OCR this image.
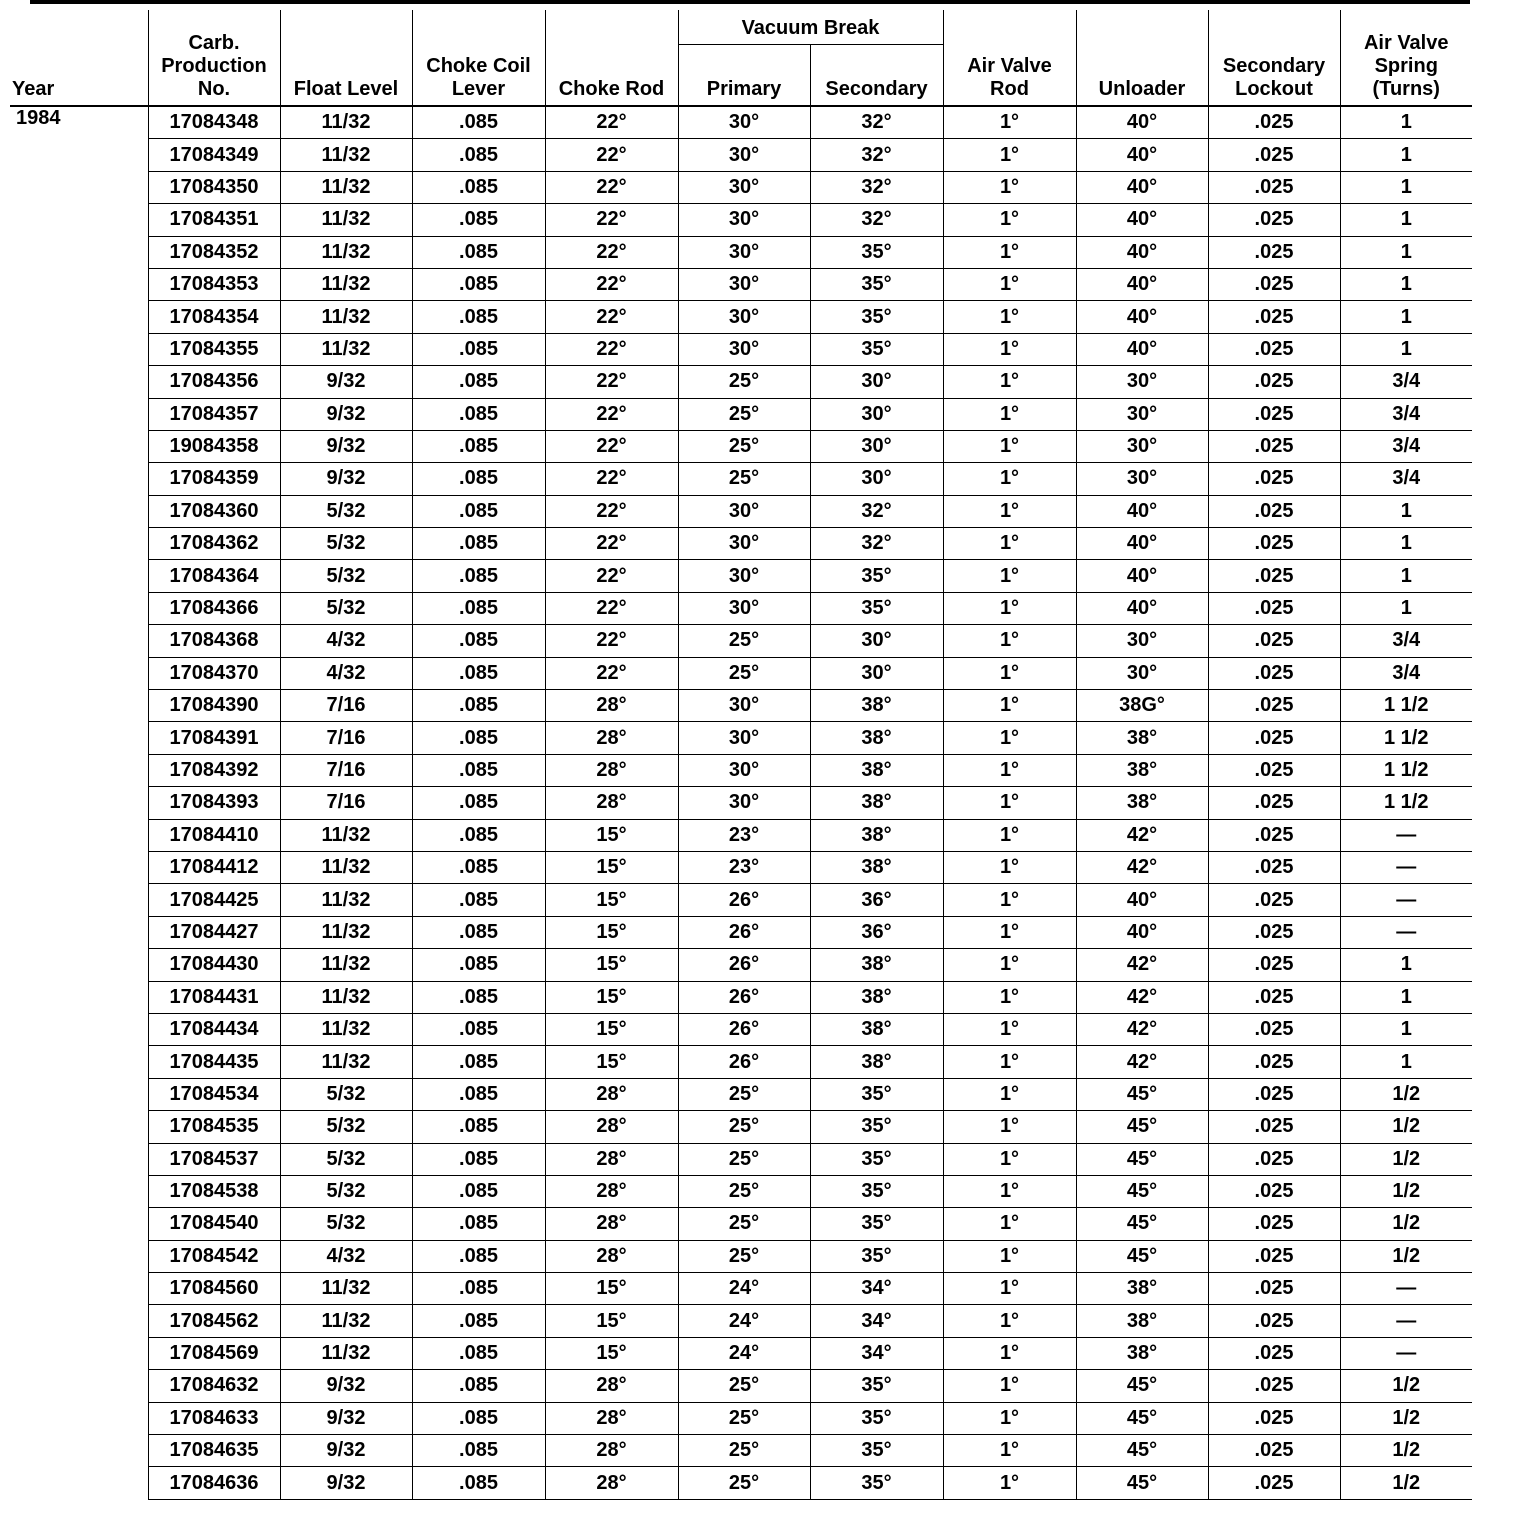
Year	Carb. Production No.	Float Level	Choke Coil Lever	Choke Rod	Vacuum Break		Air Valve Rod	Unloader	Secondary Lockout	Air Valve Spring (Turns)
					Primary	Secondary				
1984	17084348	11/32	.085	22°	30°	32°	1°	40°	.025	1
	17084349	11/32	.085	22°	30°	32°	1°	40°	.025	1
	17084350	11/32	.085	22°	30°	32°	1°	40°	.025	1
	17084351	11/32	.085	22°	30°	32°	1°	40°	.025	1
	17084352	11/32	.085	22°	30°	35°	1°	40°	.025	1
	17084353	11/32	.085	22°	30°	35°	1°	40°	.025	1
	17084354	11/32	.085	22°	30°	35°	1°	40°	.025	1
	17084355	11/32	.085	22°	30°	35°	1°	40°	.025	1
	17084356	9/32	.085	22°	25°	30°	1°	30°	.025	3/4
	17084357	9/32	.085	22°	25°	30°	1°	30°	.025	3/4
	19084358	9/32	.085	22°	25°	30°	1°	30°	.025	3/4
	17084359	9/32	.085	22°	25°	30°	1°	30°	.025	3/4
	17084360	5/32	.085	22°	30°	32°	1°	40°	.025	1
	17084362	5/32	.085	22°	30°	32°	1°	40°	.025	1
	17084364	5/32	.085	22°	30°	35°	1°	40°	.025	1
	17084366	5/32	.085	22°	30°	35°	1°	40°	.025	1
	17084368	4/32	.085	22°	25°	30°	1°	30°	.025	3/4
	17084370	4/32	.085	22°	25°	30°	1°	30°	.025	3/4
	17084390	7/16	.085	28°	30°	38°	1°	38G°	.025	1 1/2
	17084391	7/16	.085	28°	30°	38°	1°	38°	.025	1 1/2
	17084392	7/16	.085	28°	30°	38°	1°	38°	.025	1 1/2
	17084393	7/16	.085	28°	30°	38°	1°	38°	.025	1 1/2
	17084410	11/32	.085	15°	23°	38°	1°	42°	.025	—
	17084412	11/32	.085	15°	23°	38°	1°	42°	.025	—
	17084425	11/32	.085	15°	26°	36°	1°	40°	.025	—
	17084427	11/32	.085	15°	26°	36°	1°	40°	.025	—
	17084430	11/32	.085	15°	26°	38°	1°	42°	.025	1
	17084431	11/32	.085	15°	26°	38°	1°	42°	.025	1
	17084434	11/32	.085	15°	26°	38°	1°	42°	.025	1
	17084435	11/32	.085	15°	26°	38°	1°	42°	.025	1
	17084534	5/32	.085	28°	25°	35°	1°	45°	.025	1/2
	17084535	5/32	.085	28°	25°	35°	1°	45°	.025	1/2
	17084537	5/32	.085	28°	25°	35°	1°	45°	.025	1/2
	17084538	5/32	.085	28°	25°	35°	1°	45°	.025	1/2
	17084540	5/32	.085	28°	25°	35°	1°	45°	.025	1/2
	17084542	4/32	.085	28°	25°	35°	1°	45°	.025	1/2
	17084560	11/32	.085	15°	24°	34°	1°	38°	.025	—
	17084562	11/32	.085	15°	24°	34°	1°	38°	.025	—
	17084569	11/32	.085	15°	24°	34°	1°	38°	.025	—
	17084632	9/32	.085	28°	25°	35°	1°	45°	.025	1/2
	17084633	9/32	.085	28°	25°	35°	1°	45°	.025	1/2
	17084635	9/32	.085	28°	25°	35°	1°	45°	.025	1/2
	17084636	9/32	.085	28°	25°	35°	1°	45°	.025	1/2
